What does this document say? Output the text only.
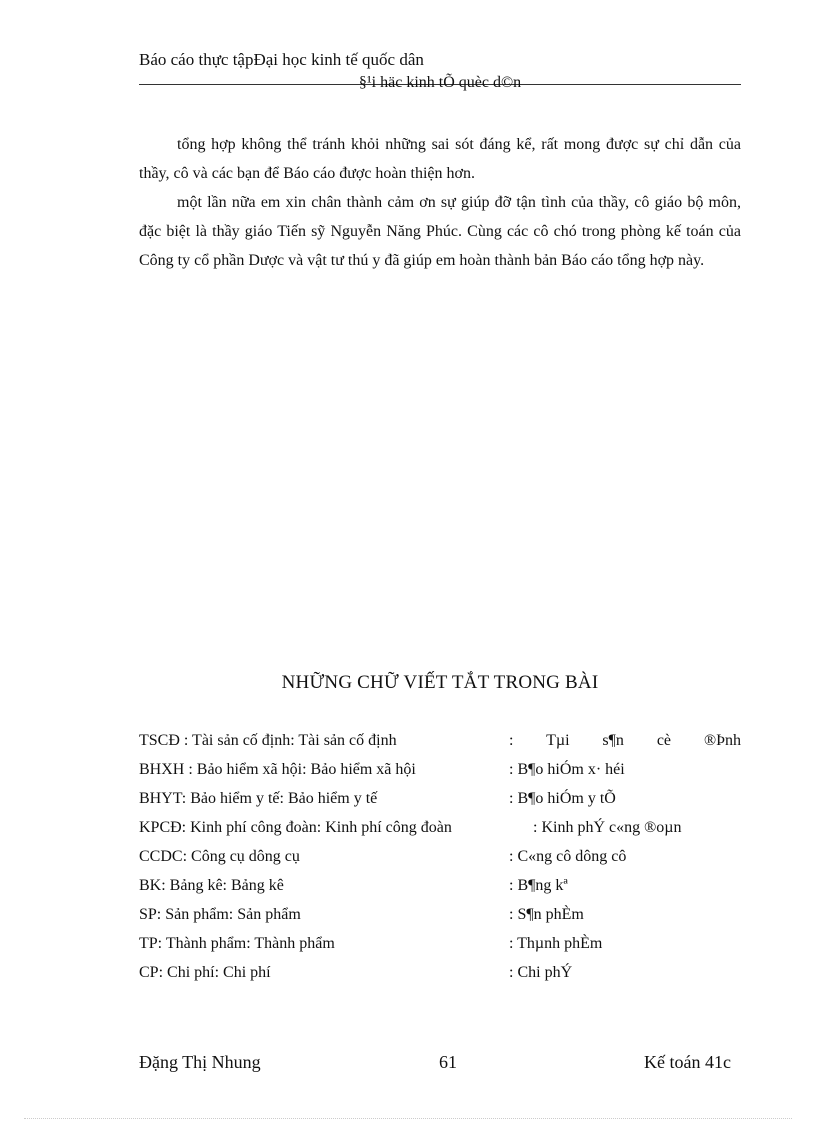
Báo cáo thực tậpĐại học kinh tế quốc dân
§¹i häc kinh tÕ quèc d©n

tổng hợp không thể tránh khỏi những sai sót đáng kể, rất mong được sự chỉ dẫn của thầy, cô và các bạn để Báo cáo được hoàn thiện hơn.

một lần nữa em xin chân thành cảm ơn sự giúp đỡ tận tình của thầy, cô giáo bộ môn, đặc biệt là thầy giáo Tiến sỹ Nguyễn Năng Phúc. Cùng các cô chó trong phòng kế toán của Công ty cổ phần Dược và vật tư thú y đã giúp em hoàn thành bản Báo cáo tổng hợp này.

NHỮNG CHỮ VIẾT TẮT TRONG BÀI
TSCĐ : Tài sản cố định: Tài sản cố định	: Tµi s¶n cè ®Þnh
BHXH : Bảo hiểm xã hội: Bảo hiểm xã hội	: B¶o hiÓm x· héi
BHYT: Bảo hiểm y tế: Bảo hiểm y tế	: B¶o hiÓm y tÕ
KPCĐ: Kinh phí công đoàn: Kinh phí công đoàn	: Kinh phÝ c«ng ®oµn
CCDC: Công cụ dông cụ	: C«ng cô dông cô
BK: Bảng kê: Bảng kê	: B¶ng kª
SP: Sản phẩm: Sản phẩm	: S¶n phÈm
TP: Thành phẩm: Thành phẩm	: Thµnh phÈm
CP: Chi phí: Chi phí	: Chi phÝ
Đặng Thị Nhung	61	Kế toán 41c
